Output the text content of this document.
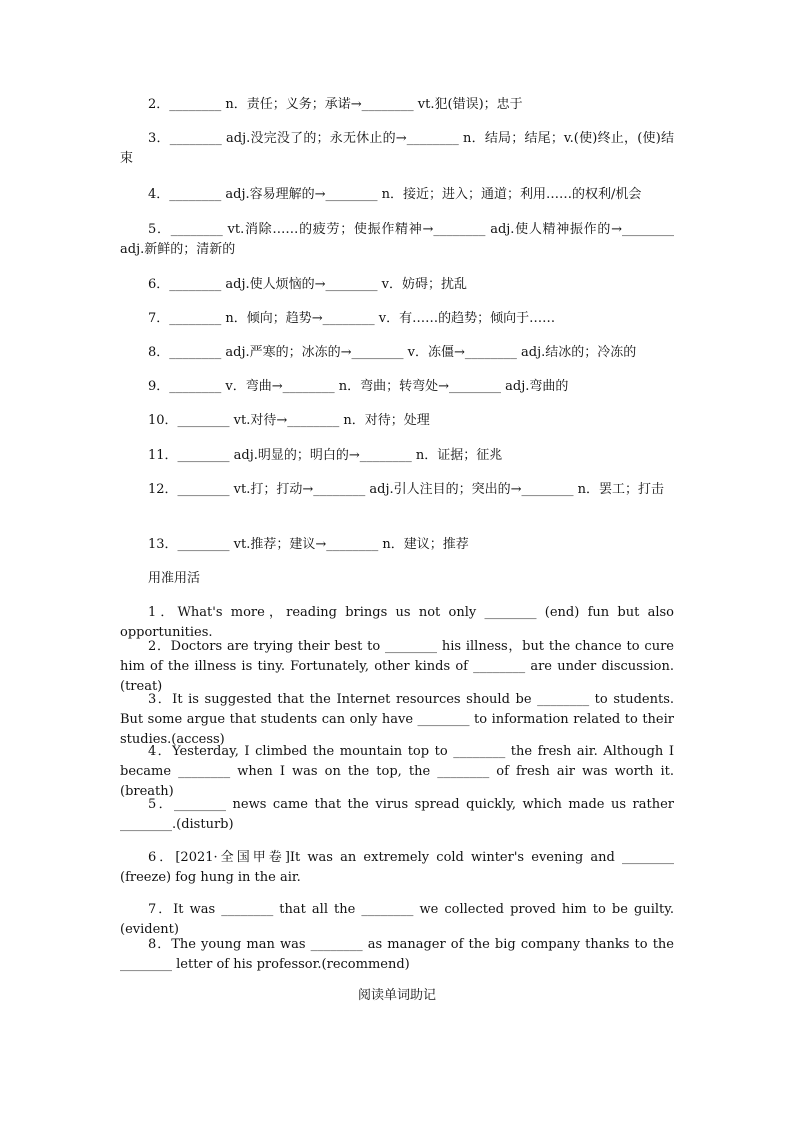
2．________ n．责任；义务；承诺→________ vt.犯(错误)；忠于

3．________ adj.没完没了的；永无休止的→________ n．结局；结尾；v.(使)终止，(使)结束

4．________ adj.容易理解的→________ n．接近；进入；通道；利用……的权利/机会

5．________ vt.消除……的疲劳；使振作精神→________ adj.使人精神振作的→________ adj.新鲜的；清新的

6．________ adj.使人烦恼的→________ v．妨碍；扰乱

7．________ n．倾向；趋势→________ v．有……的趋势；倾向于……

8．________ adj.严寒的；冰冻的→________ v．冻僵→________ adj.结冰的；冷冻的

9．________ v．弯曲→________ n．弯曲；转弯处→________ adj.弯曲的

10．________ vt.对待→________ n．对待；处理

11．________ adj.明显的；明白的→________ n．证据；征兆

12．________ vt.打；打动→________ adj.引人注目的；突出的→________ n．罢工；打击

13．________ vt.推荐；建议→________ n．建议；推荐

用准用活

1．What's more，reading brings us not only ________ (end) fun but also opportunities.

2．Doctors are trying their best to ________ his illness，but the chance to cure him of the illness is tiny. Fortunately, other kinds of ________ are under discussion.(treat)

3．It is suggested that the Internet resources should be ________ to students. But some argue that students can only have ________ to information related to their studies.(access)

4．Yesterday, I climbed the mountain top to ________ the fresh air. Although I became ________ when I was on the top, the ________ of fresh air was worth it.(breath)

5．________ news came that the virus spread quickly, which made us rather ________.(disturb)

6．[2021·全国甲卷]It was an extremely cold winter's evening and ________ (freeze) fog hung in the air.

7．It was ________ that all the ________ we collected proved him to be guilty.(evident)

8．The young man was ________ as manager of the big company thanks to the ________ letter of his professor.(recommend)

阅读单词助记
